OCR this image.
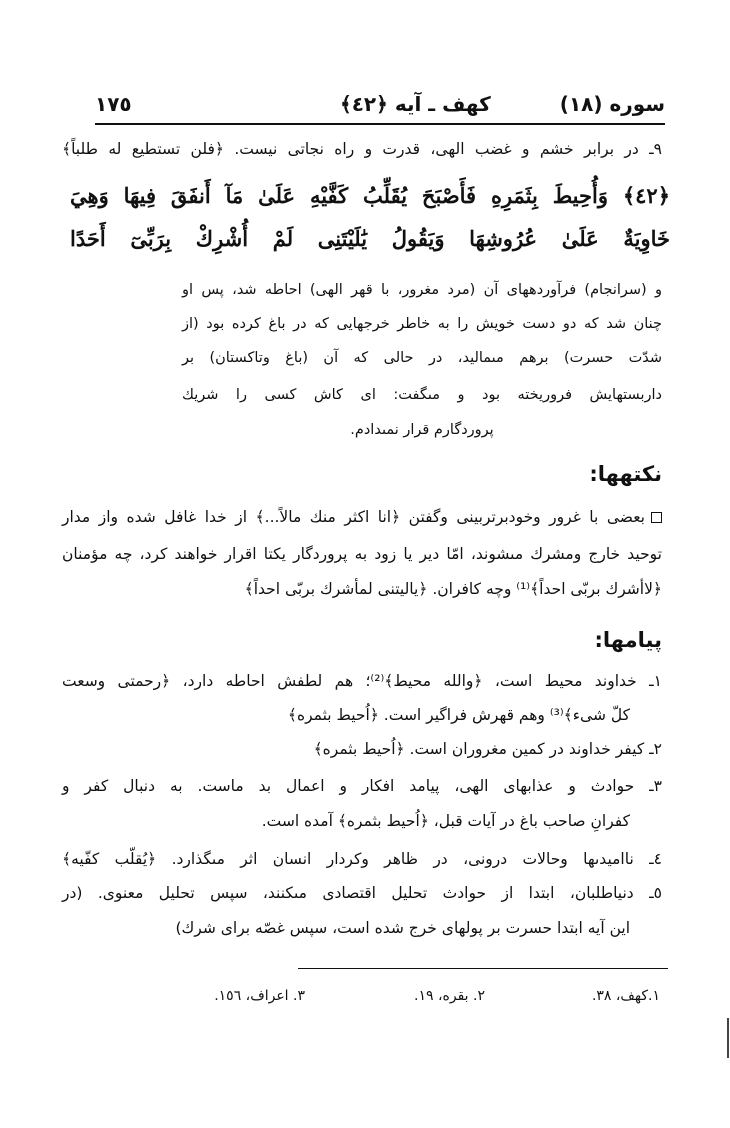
سوره (١٨)
كهف ـ آيه ﴿٤٢﴾
١٧٥
٩ـ در برابر خشم و غضب الهى، قدرت و راه نجاتى نيست. ﴿فلن تستطيع له طلباً﴾
﴿٤٢﴾ وَأُحِيطَ بِثَمَرِهِ فَأَصْبَحَ يُقَلِّبُ كَفَّيْهِ عَلَىٰ مَآ أَنفَقَ فِيهَا وَهِيَ
خَاوِيَةٌ عَلَىٰ عُرُوشِهَا وَيَقُولُ يَٰلَيْتَنِى لَمْ أُشْرِكْ بِرَبِّىٓ أَحَدًا
و (سرانجام) فرآوردههاى آن (مرد مغرور، با قهر الهى) احاطه شد، پس او
چنان شد كه دو دست خويش را به خاطر خرجهايى كه در باغ كرده بود (از
شدّت حسرت) برهم مىماليد، در حالى كه آن (باغ وتاكستان) بر
داربستهايش فروريخته بود و مىگفت: اى كاش كسى را شريك
پروردگارم قرار نمىدادم.
نكتهها:
بعضى با غرور وخودبرتربينى وگفتن ﴿انا اكثر منك مالاً...﴾ از خدا غافل شده واز مدار
توحيد خارج ومشرك مىشوند، امّا دير يا زود به پروردگار يكتا اقرار خواهند كرد، چه مؤمنان
﴿لاأشرك بربّى احداً﴾⁽¹⁾ وچه كافران. ﴿ياليتنى لمأشرك بربّى احداً﴾
پيامها:
١ـ خداوند محيط است، ﴿والله محيط﴾⁽²⁾؛ هم لطفش احاطه دارد، ﴿رحمتى وسعت
كلّ شىء﴾⁽³⁾ وهم قهرش فراگير است. ﴿اُحيط بثمره﴾
٢ـ كيفر خداوند در كمين مغروران است. ﴿اُحيط بثمره﴾
٣ـ حوادث و عذابهاى الهى، پيامد افكار و اعمال بد ماست. به دنبال كفر و
كفرانِ صاحب باغ در آيات قبل، ﴿اُحيط بثمره﴾ آمده است.
٤ـ نااميدىها وحالات درونى، در ظاهر وكردار انسان اثر مىگذارد. ﴿يُقلّب كفّيه﴾
٥ـ دنياطلبان، ابتدا از حوادث تحليل اقتصادى مىكنند، سپس تحليل معنوى. (در
اين آيه ابتدا حسرت بر پولهاى خرج شده است، سپس غصّه براى شرك)
١.كهف، ٣٨.
٢. بقره، ١٩.
٣. اعراف، ١٥٦.
